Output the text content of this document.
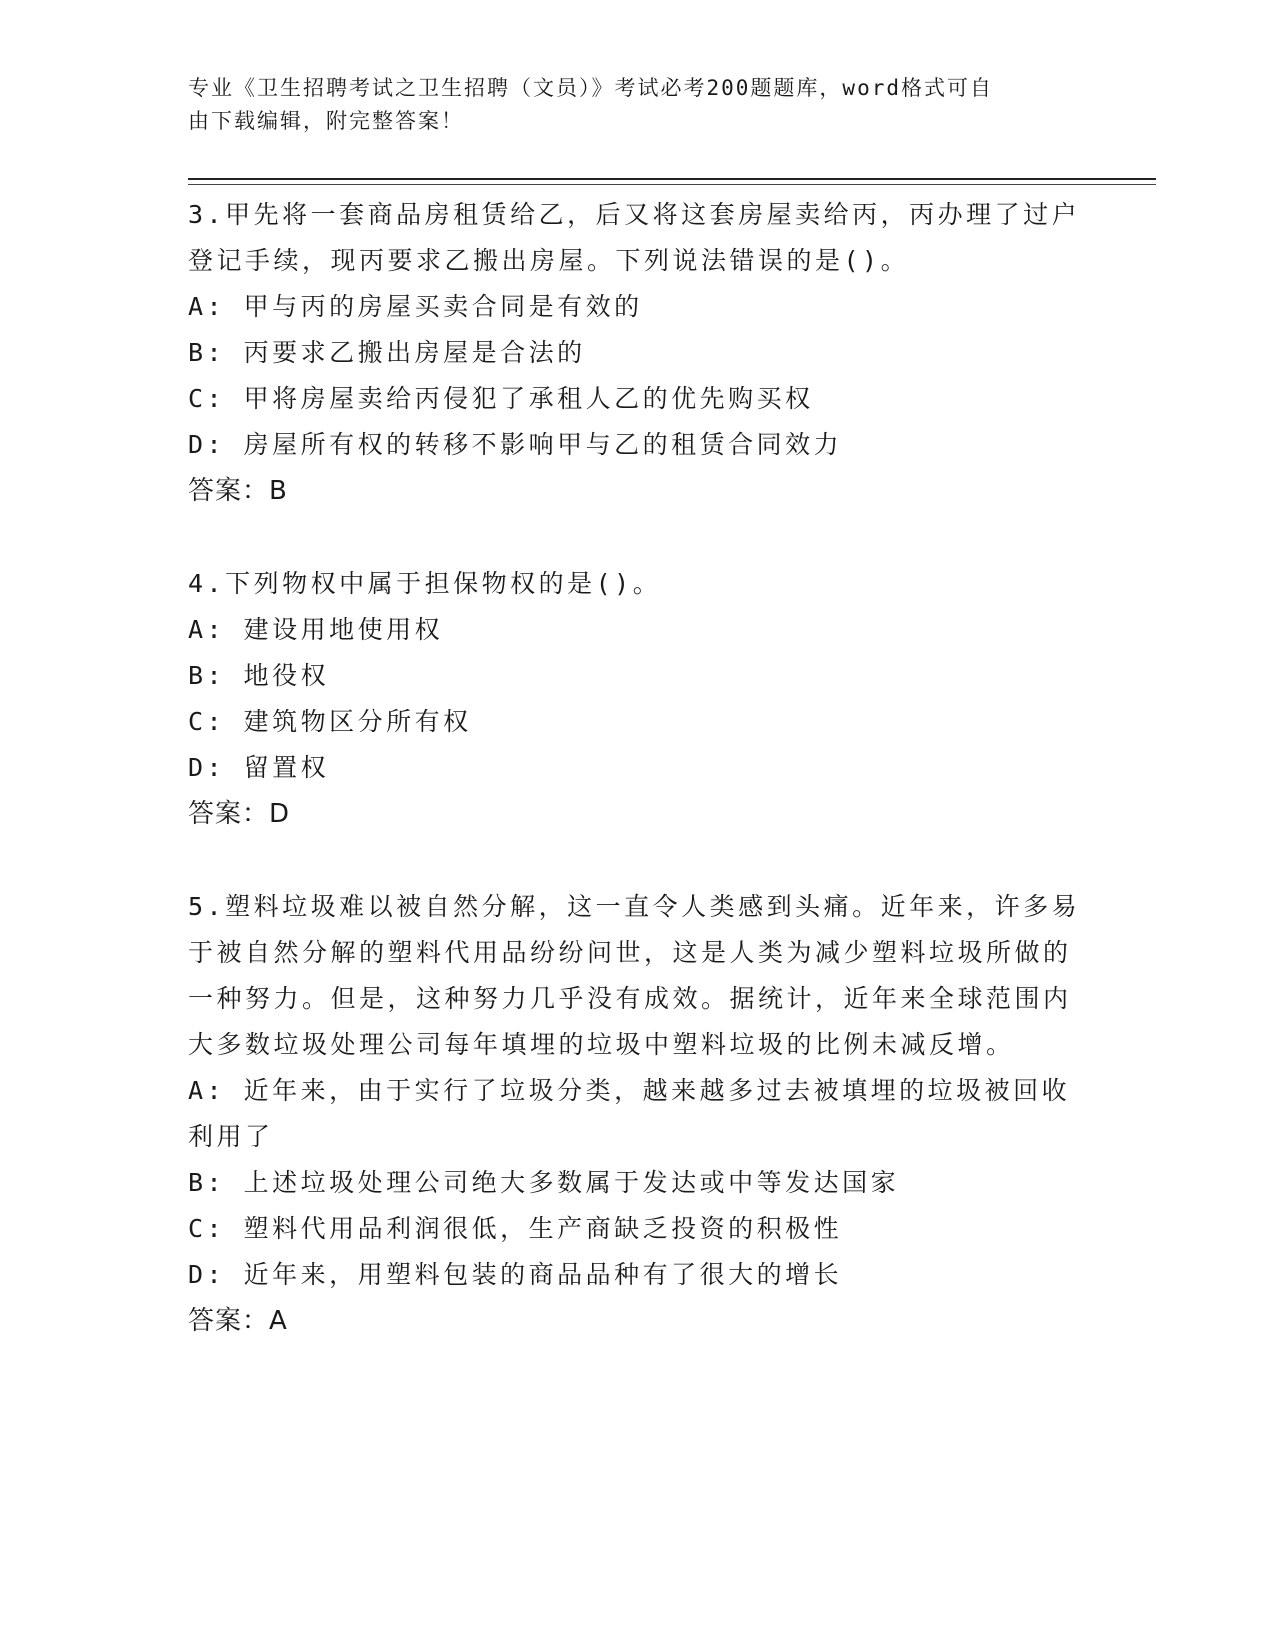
专业《卫生招聘考试之卫生招聘（文员）》考试必考200题题库，word格式可自
由下载编辑，附完整答案！

3.甲先将一套商品房租赁给乙，后又将这套房屋卖给丙，丙办理了过户登记手续，现丙要求乙搬出房屋。下列说法错误的是()。

A: 甲与丙的房屋买卖合同是有效的

B: 丙要求乙搬出房屋是合法的

C: 甲将房屋卖给丙侵犯了承租人乙的优先购买权

D: 房屋所有权的转移不影响甲与乙的租赁合同效力

答案：B

4.下列物权中属于担保物权的是()。

A: 建设用地使用权

B: 地役权

C: 建筑物区分所有权

D: 留置权

答案：D

5.塑料垃圾难以被自然分解，这一直令人类感到头痛。近年来，许多易于被自然分解的塑料代用品纷纷问世，这是人类为减少塑料垃圾所做的一种努力。但是，这种努力几乎没有成效。据统计，近年来全球范围内大多数垃圾处理公司每年填埋的垃圾中塑料垃圾的比例未减反增。

A: 近年来，由于实行了垃圾分类，越来越多过去被填埋的垃圾被回收利用了

B: 上述垃圾处理公司绝大多数属于发达或中等发达国家

C: 塑料代用品利润很低，生产商缺乏投资的积极性

D: 近年来，用塑料包装的商品品种有了很大的增长

答案：A
